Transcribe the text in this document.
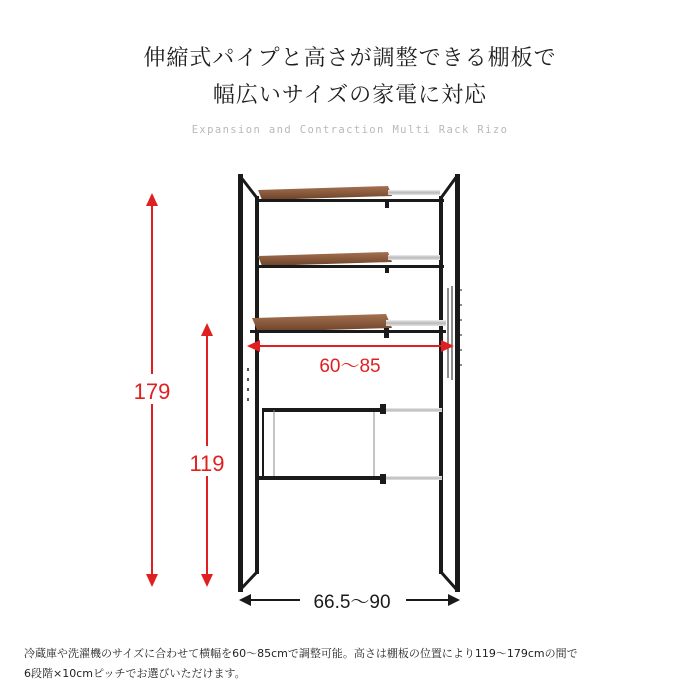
伸縮式パイプと高さが調整できる棚板で
幅広いサイズの家電に対応
Expansion and Contraction Multi Rack Rizo
179
119
60〜85
66.5〜90
冷蔵庫や洗濯機のサイズに合わせて横幅を60〜85cmで調整可能。高さは棚板の位置により119〜179cmの間で
6段階×10cmピッチでお選びいただけます。
